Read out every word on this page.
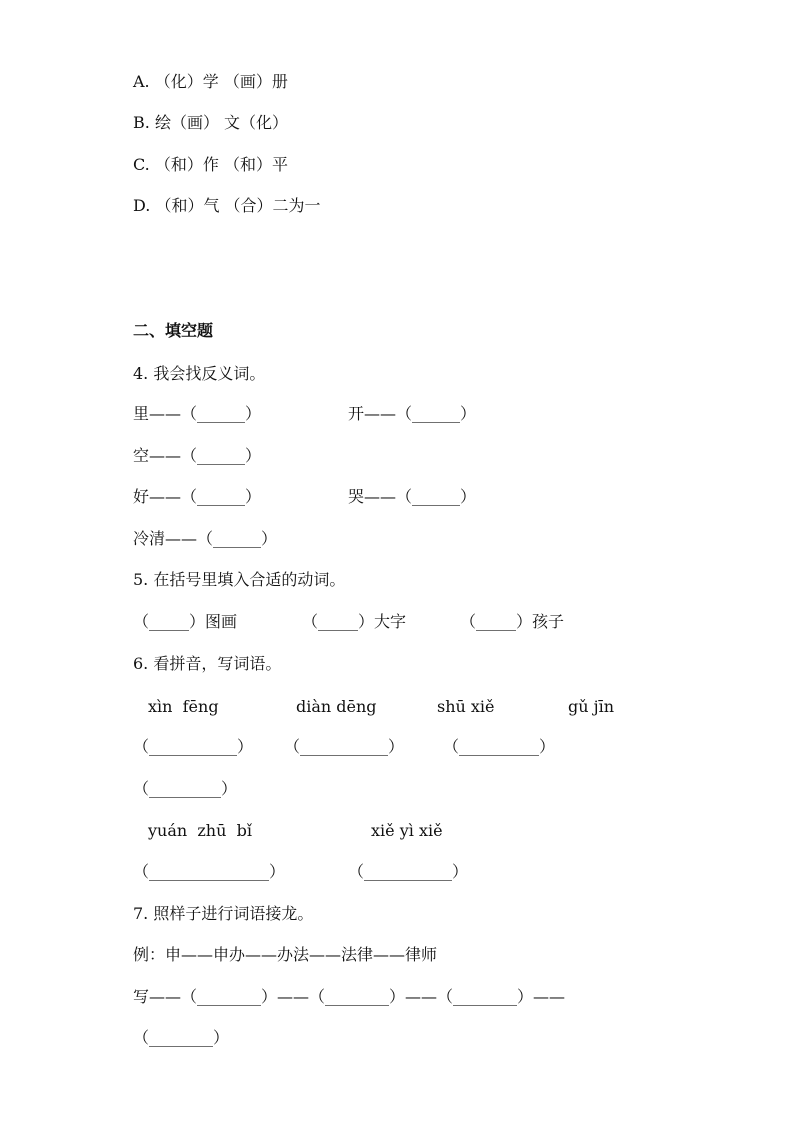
A. （化）学 （画）册
B. 绘（画） 文（化）
C. （和）作 （和）平
D. （和）气 （合）二为一
二、填空题
4. 我会找反义词。
里——（______）	开——（______）
空——（______）
好——（______）	哭——（______）
冷清——（______）
5. 在括号里填入合适的动词。
（_____）图画	（_____）大字	（_____）孩子
6. 看拼音，写词语。
xìn  fēng	diàn dēng	shū xiě	gǔ jīn
（___________） （___________） （__________）
（_________）
yuán  zhū  bǐ	xiě yì xiě
（_______________）	（___________）
7. 照样子进行词语接龙。
例：申——申办——办法——法律——律师
写——（________）——（________）——（________）——
（________）
